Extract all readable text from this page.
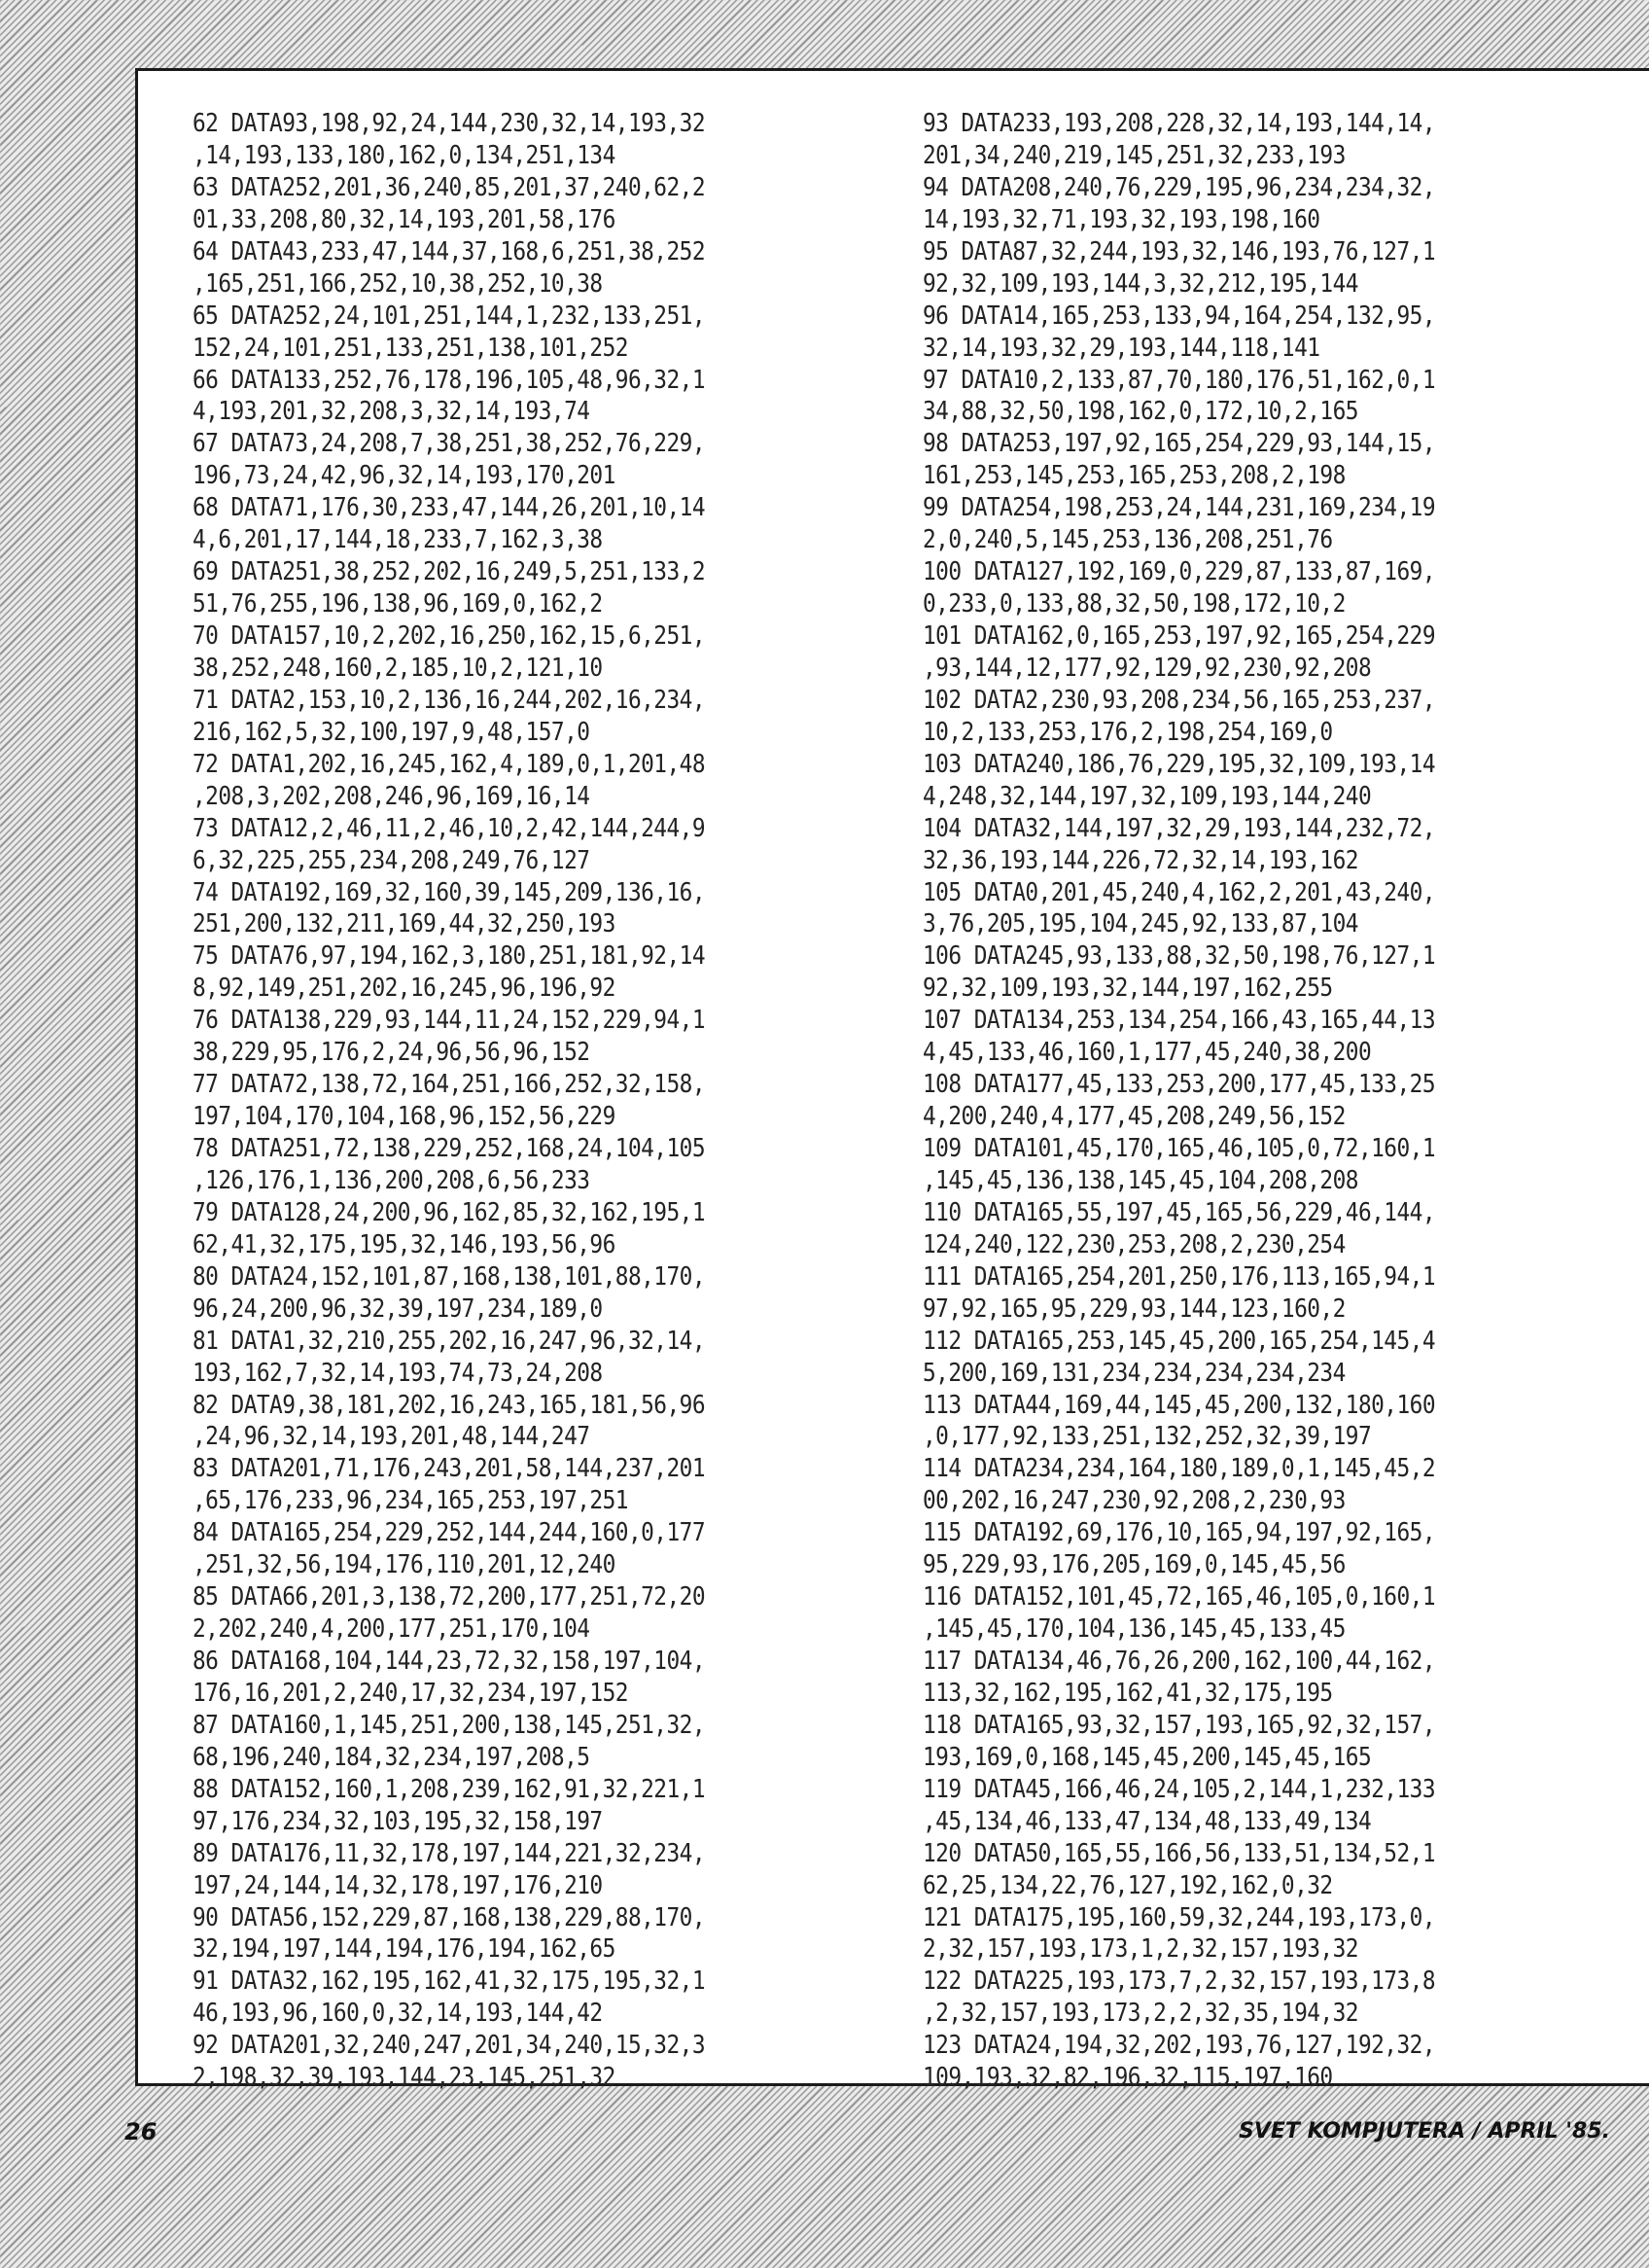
62 DATA93,198,92,24,144,230,32,14,193,32
,14,193,133,180,162,0,134,251,134
63 DATA252,201,36,240,85,201,37,240,62,2
01,33,208,80,32,14,193,201,58,176
64 DATA43,233,47,144,37,168,6,251,38,252
,165,251,166,252,10,38,252,10,38
65 DATA252,24,101,251,144,1,232,133,251,
152,24,101,251,133,251,138,101,252
66 DATA133,252,76,178,196,105,48,96,32,1
4,193,201,32,208,3,32,14,193,74
67 DATA73,24,208,7,38,251,38,252,76,229,
196,73,24,42,96,32,14,193,170,201
68 DATA71,176,30,233,47,144,26,201,10,14
4,6,201,17,144,18,233,7,162,3,38
69 DATA251,38,252,202,16,249,5,251,133,2
51,76,255,196,138,96,169,0,162,2
70 DATA157,10,2,202,16,250,162,15,6,251,
38,252,248,160,2,185,10,2,121,10
71 DATA2,153,10,2,136,16,244,202,16,234,
216,162,5,32,100,197,9,48,157,0
72 DATA1,202,16,245,162,4,189,0,1,201,48
,208,3,202,208,246,96,169,16,14
73 DATA12,2,46,11,2,46,10,2,42,144,244,9
6,32,225,255,234,208,249,76,127
74 DATA192,169,32,160,39,145,209,136,16,
251,200,132,211,169,44,32,250,193
75 DATA76,97,194,162,3,180,251,181,92,14
8,92,149,251,202,16,245,96,196,92
76 DATA138,229,93,144,11,24,152,229,94,1
38,229,95,176,2,24,96,56,96,152
77 DATA72,138,72,164,251,166,252,32,158,
197,104,170,104,168,96,152,56,229
78 DATA251,72,138,229,252,168,24,104,105
,126,176,1,136,200,208,6,56,233
79 DATA128,24,200,96,162,85,32,162,195,1
62,41,32,175,195,32,146,193,56,96
80 DATA24,152,101,87,168,138,101,88,170,
96,24,200,96,32,39,197,234,189,0
81 DATA1,32,210,255,202,16,247,96,32,14,
193,162,7,32,14,193,74,73,24,208
82 DATA9,38,181,202,16,243,165,181,56,96
,24,96,32,14,193,201,48,144,247
83 DATA201,71,176,243,201,58,144,237,201
,65,176,233,96,234,165,253,197,251
84 DATA165,254,229,252,144,244,160,0,177
,251,32,56,194,176,110,201,12,240
85 DATA66,201,3,138,72,200,177,251,72,20
2,202,240,4,200,177,251,170,104
86 DATA168,104,144,23,72,32,158,197,104,
176,16,201,2,240,17,32,234,197,152
87 DATA160,1,145,251,200,138,145,251,32,
68,196,240,184,32,234,197,208,5
88 DATA152,160,1,208,239,162,91,32,221,1
97,176,234,32,103,195,32,158,197
89 DATA176,11,32,178,197,144,221,32,234,
197,24,144,14,32,178,197,176,210
90 DATA56,152,229,87,168,138,229,88,170,
32,194,197,144,194,176,194,162,65
91 DATA32,162,195,162,41,32,175,195,32,1
46,193,96,160,0,32,14,193,144,42
92 DATA201,32,240,247,201,34,240,15,32,3
2,198,32,39,193,144,23,145,251,32
93 DATA233,193,208,228,32,14,193,144,14,
201,34,240,219,145,251,32,233,193
94 DATA208,240,76,229,195,96,234,234,32,
14,193,32,71,193,32,193,198,160
95 DATA87,32,244,193,32,146,193,76,127,1
92,32,109,193,144,3,32,212,195,144
96 DATA14,165,253,133,94,164,254,132,95,
32,14,193,32,29,193,144,118,141
97 DATA10,2,133,87,70,180,176,51,162,0,1
34,88,32,50,198,162,0,172,10,2,165
98 DATA253,197,92,165,254,229,93,144,15,
161,253,145,253,165,253,208,2,198
99 DATA254,198,253,24,144,231,169,234,19
2,0,240,5,145,253,136,208,251,76
100 DATA127,192,169,0,229,87,133,87,169,
0,233,0,133,88,32,50,198,172,10,2
101 DATA162,0,165,253,197,92,165,254,229
,93,144,12,177,92,129,92,230,92,208
102 DATA2,230,93,208,234,56,165,253,237,
10,2,133,253,176,2,198,254,169,0
103 DATA240,186,76,229,195,32,109,193,14
4,248,32,144,197,32,109,193,144,240
104 DATA32,144,197,32,29,193,144,232,72,
32,36,193,144,226,72,32,14,193,162
105 DATA0,201,45,240,4,162,2,201,43,240,
3,76,205,195,104,245,92,133,87,104
106 DATA245,93,133,88,32,50,198,76,127,1
92,32,109,193,32,144,197,162,255
107 DATA134,253,134,254,166,43,165,44,13
4,45,133,46,160,1,177,45,240,38,200
108 DATA177,45,133,253,200,177,45,133,25
4,200,240,4,177,45,208,249,56,152
109 DATA101,45,170,165,46,105,0,72,160,1
,145,45,136,138,145,45,104,208,208
110 DATA165,55,197,45,165,56,229,46,144,
124,240,122,230,253,208,2,230,254
111 DATA165,254,201,250,176,113,165,94,1
97,92,165,95,229,93,144,123,160,2
112 DATA165,253,145,45,200,165,254,145,4
5,200,169,131,234,234,234,234,234
113 DATA44,169,44,145,45,200,132,180,160
,0,177,92,133,251,132,252,32,39,197
114 DATA234,234,164,180,189,0,1,145,45,2
00,202,16,247,230,92,208,2,230,93
115 DATA192,69,176,10,165,94,197,92,165,
95,229,93,176,205,169,0,145,45,56
116 DATA152,101,45,72,165,46,105,0,160,1
,145,45,170,104,136,145,45,133,45
117 DATA134,46,76,26,200,162,100,44,162,
113,32,162,195,162,41,32,175,195
118 DATA165,93,32,157,193,165,92,32,157,
193,169,0,168,145,45,200,145,45,165
119 DATA45,166,46,24,105,2,144,1,232,133
,45,134,46,133,47,134,48,133,49,134
120 DATA50,165,55,166,56,133,51,134,52,1
62,25,134,22,76,127,192,162,0,32
121 DATA175,195,160,59,32,244,193,173,0,
2,32,157,193,173,1,2,32,157,193,32
122 DATA225,193,173,7,2,32,157,193,173,8
,2,32,157,193,173,2,2,32,35,194,32
123 DATA24,194,32,202,193,76,127,192,32,
109,193,32,82,196,32,115,197,160
26	SVET KOMPJUTERA / APRIL '85.
